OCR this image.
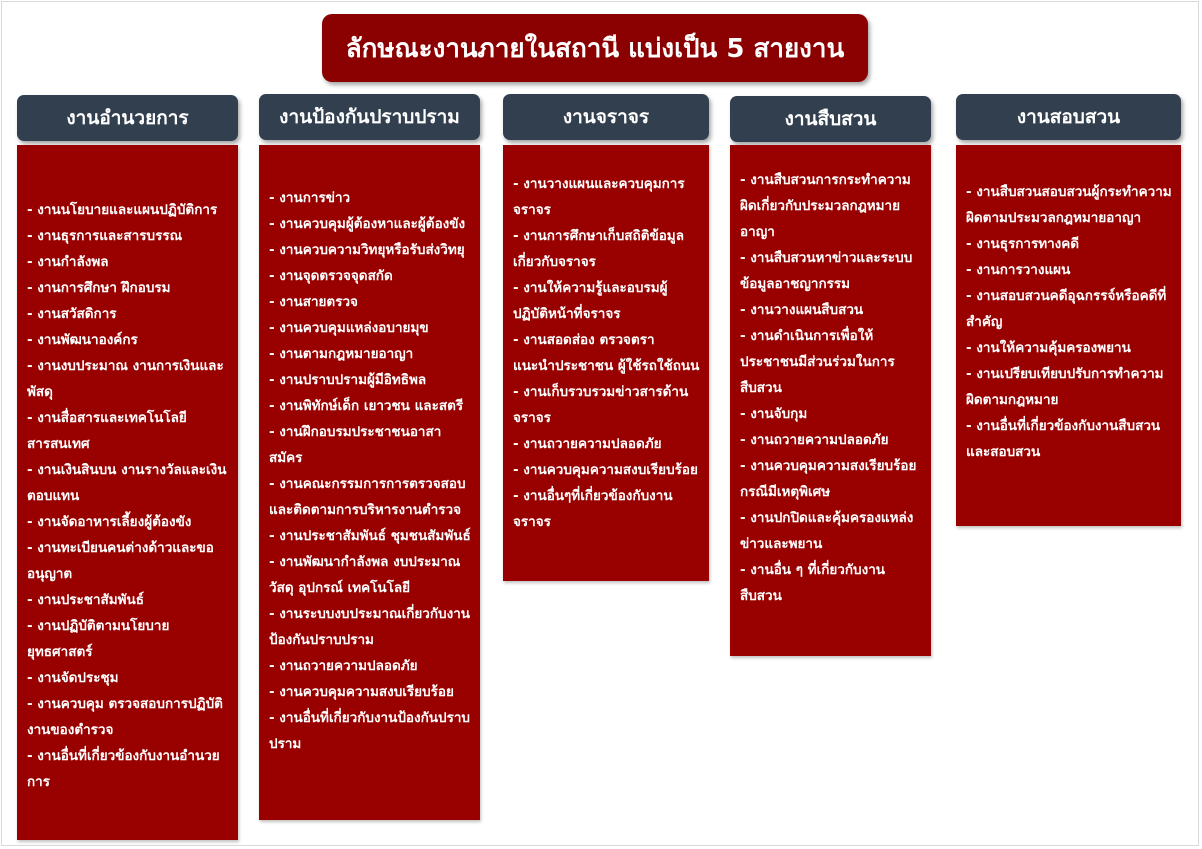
ลักษณะงานภายในสถานี แบ่งเป็น 5 สายงาน
งานอำนวยการ
- งานนโยบายและแผนปฏิบัติการ
- งานธุรการและสารบรรณ
- งานกำลังพล
- งานการศึกษา ฝึกอบรม
- งานสวัสดิการ
- งานพัฒนาองค์กร
- งานงบประมาณ งานการเงินและพัสดุ
- งานสื่อสารและเทคโนโลยีสารสนเทศ
- งานเงินสินบน งานรางวัลและเงินตอบแทน
- งานจัดอาหารเลี้ยงผู้ต้องขัง
- งานทะเบียนคนต่างด้าวและขออนุญาต
- งานประชาสัมพันธ์
- งานปฏิบัติตามนโยบายยุทธศาสตร์
- งานจัดประชุม
- งานควบคุม ตรวจสอบการปฏิบัติงานของตำรวจ
- งานอื่นที่เกี่ยวข้องกับงานอำนวยการ
งานป้องกันปราบปราม
- งานการข่าว
- งานควบคุมผู้ต้องหาและผู้ต้องขัง
- งานควบความวิทยุหรือรับส่งวิทยุ
- งานจุดตรวจจุดสกัด
- งานสายตรวจ
- งานควบคุมแหล่งอบายมุข
- งานตามกฎหมายอาญา
- งานปราบปรามผู้มีอิทธิพล
- งานพิทักษ์เด็ก เยาวชน และสตรี
- งานฝึกอบรมประชาชนอาสาสมัคร
- งานคณะกรรมการการตรวจสอบและติดตามการบริหารงานตำรวจ
- งานประชาสัมพันธ์ ชุมชนสัมพันธ์
- งานพัฒนากำลังพล งบประมาณ วัสดุ อุปกรณ์ เทคโนโลยี
- งานระบบงบประมาณเกี่ยวกับงานป้องกันปราบปราม
- งานถวายความปลอดภัย
- งานควบคุมความสงบเรียบร้อย
- งานอื่นที่เกี่ยวกับงานป้องกันปราบปราม
งานจราจร
- งานวางแผนและควบคุมการจราจร
- งานการศึกษาเก็บสถิติข้อมูลเกี่ยวกับจราจร
- งานให้ความรู้และอบรมผู้ปฏิบัติหน้าที่จราจร
- งานสอดส่อง ตรวจตรา แนะนำประชาชน ผู้ใช้รถใช้ถนน
- งานเก็บรวบรวมข่าวสารด้านจราจร
- งานถวายความปลอดภัย
- งานควบคุมความสงบเรียบร้อย
- งานอื่นๆที่เกี่ยวข้องกับงานจราจร
งานสืบสวน
- งานสืบสวนการกระทำความผิดเกี่ยวกับประมวลกฎหมายอาญา
- งานสืบสวนหาข่าวและระบบข้อมูลอาชญากรรม
- งานวางแผนสืบสวน
- งานดำเนินการเพื่อให้ประชาชนมีส่วนร่วมในการสืบสวน
- งานจับกุม
- งานถวายความปลอดภัย
- งานควบคุมความสงเรียบร้อยกรณีมีเหตุพิเศษ
- งานปกปิดและคุ้มครองแหล่งข่าวและพยาน
- งานอื่น ๆ ที่เกี่ยวกับงานสืบสวน
งานสอบสวน
- งานสืบสวนสอบสวนผู้กระทำความผิดตามประมวลกฎหมายอาญา
- งานธุรการทางคดี
- งานการวางแผน
- งานสอบสวนคดีอุฉกรรจ์หรือคดีที่สำคัญ
- งานให้ความคุ้มครองพยาน
- งานเปรียบเทียบปรับการทำความผิดตามกฎหมาย
- งานอื่นที่เกี่ยวข้องกับงานสืบสวนและสอบสวน
